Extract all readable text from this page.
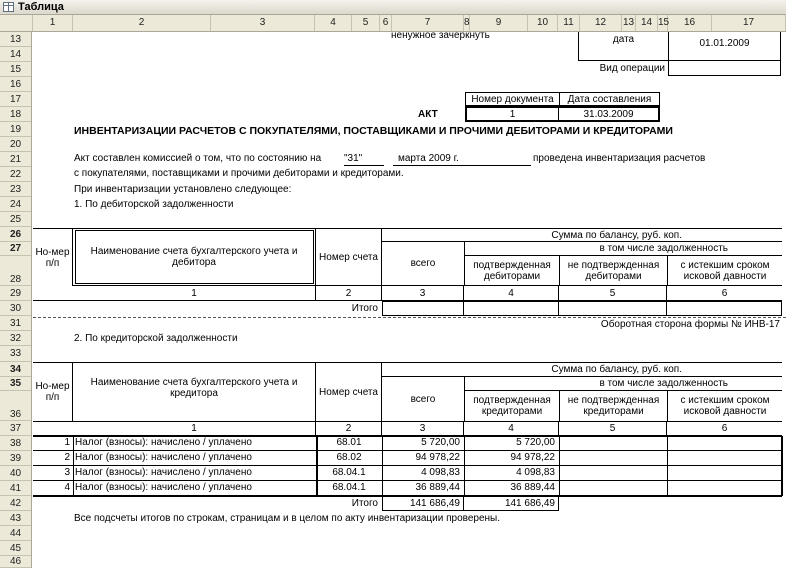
Таблица
1	2	3	4	5	6	7	8	9	10	11	12	13 14 15	16	17
13
14
15
16
17
18
19
20
21
22
23
24
25
26
27
28
29
30
31
32
33
34
35
36
37
38
39
40
41
42
43
44
45
46
ненужное зачеркнуть	дата	01.01.2009
Вид операции
Номер документа	Дата составления
1	31.03.2009
АКТ
ИНВЕНТАРИЗАЦИИ РАСЧЕТОВ С ПОКУПАТЕЛЯМИ, ПОСТАВЩИКАМИ И ПРОЧИМИ ДЕБИТОРАМИ И КРЕДИТОРАМИ
Акт составлен комиссией о том, что по состоянию на "31"	марта 2009 г.	проведена инвентаризация расчетов
с покупателями, поставщиками и прочими дебиторами и кредиторами.
При инвентаризации установлено следующее:
1. По дебиторской задолженности
Но-мер п/п
Наименование счета бухгалтерского учета и дебитора	Номер счета
Сумма по балансу, руб. коп.
в том числе задолженность
всего	подтвержденная дебиторами
не подтвержденная дебиторами
с истекшим сроком исковой давности
1	2	3	4	5	6
Итого
Оборотная сторона формы № ИНВ-17
2. По кредиторской задолженности
Но-мер п/п
Наименование счета бухгалтерского учета и кредитора	Номер счета
Сумма по балансу, руб. коп.
в том числе задолженность
всего	подтвержденная кредиторами
не подтвержденная кредиторами
с истекшим сроком исковой давности
1	2	3	4	5	6
1 Налог (взносы): начислено / уплачено	68.01	5 720,00	5 720,00
2 Налог (взносы): начислено / уплачено	68.02	94 978,22	94 978,22
3 Налог (взносы): начислено / уплачено	68.04.1	4 098,83	4 098,83
4 Налог (взносы): начислено / уплачено	68.04.1	36 889,44	36 889,44
Итого	141 686,49	141 686,49
Все подсчеты итогов по строкам, страницам и в целом по акту инвентаризации проверены.
